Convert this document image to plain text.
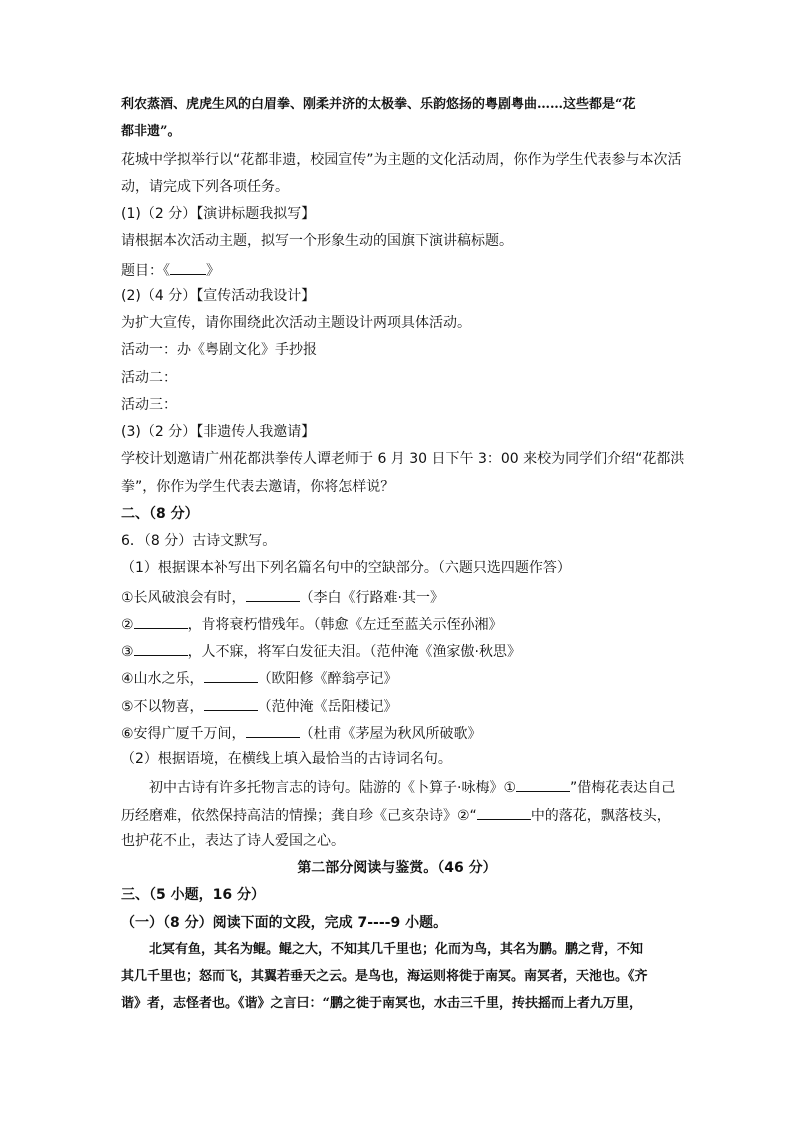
利农蒸酒、虎虎生风的白眉拳、刚柔并济的太极拳、乐韵悠扬的粤剧粤曲……这些都是“花
都非遗”。
花城中学拟举行以“花都非遗，校园宣传”为主题的文化活动周，你作为学生代表参与本次活
动，请完成下列各项任务。
(1)（2 分）【演讲标题我拟写】
请根据本次活动主题，拟写一个形象生动的国旗下演讲稿标题。
题目：《	》
(2)（4 分）【宣传活动我设计】
为扩大宣传，请你围绕此次活动主题设计两项具体活动。
活动一：办《粤剧文化》手抄报
活动二：
活动三：
(3)（2 分）【非遗传人我邀请】
学校计划邀请广州花都洪拳传人谭老师于 6 月 30 日下午 3：00 来校为同学们介绍“花都洪
拳”，你作为学生代表去邀请，你将怎样说？
二、（8 分）
6．（8 分）古诗文默写。
（1）根据课本补写出下列名篇名句中的空缺部分。（六题只选四题作答）
①长风破浪会有时，	（李白《行路难·其一》
②	，肯将衰朽惜残年。（韩愈《左迁至蓝关示侄孙湘》
③	，人不寐，将军白发征夫泪。（范仲淹《渔家傲·秋思》
④山水之乐，	（欧阳修《醉翁亭记》
⑤不以物喜，	（范仲淹《岳阳楼记》
⑥安得广厦千万间，	（杜甫《茅屋为秋风所破歌》
（2）根据语境，在横线上填入最恰当的古诗词名句。
初中古诗有许多托物言志的诗句。陆游的《卜算子·咏梅》①	”借梅花表达自己
历经磨难，依然保持高洁的情操；龚自珍《己亥杂诗》②“	中的落花，飘落枝头，
也护花不止，表达了诗人爱国之心。
第二部分阅读与鉴赏。（46 分）
三、（5 小题，16 分）
（一）（8 分）阅读下面的文段，完成 7----9 小题。
北冥有鱼，其名为鲲。鲲之大，不知其几千里也；化而为鸟，其名为鹏。鹏之背，不知
其几千里也；怒而飞，其翼若垂天之云。是鸟也，海运则将徙于南冥。南冥者，天池也。《齐
谐》者，志怪者也。《谐》之言曰：“鹏之徙于南冥也，水击三千里，抟扶摇而上者九万里，
